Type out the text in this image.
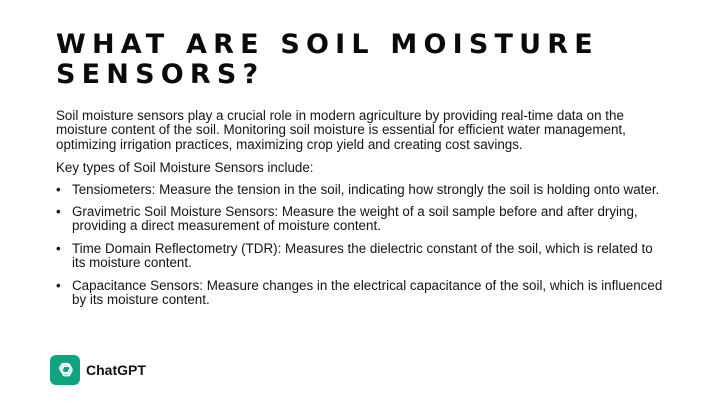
WHAT ARE SOIL MOISTURE SENSORS?

Soil moisture sensors play a crucial role in modern agriculture by providing real-time data on the moisture content of the soil. Monitoring soil moisture is essential for efficient water management, optimizing irrigation practices, maximizing crop yield and creating cost savings.

Key types of Soil Moisture Sensors include:

• Tensiometers: Measure the tension in the soil, indicating how strongly the soil is holding onto water.
• Gravimetric Soil Moisture Sensors: Measure the weight of a soil sample before and after drying, providing a direct measurement of moisture content.
• Time Domain Reflectometry (TDR): Measures the dielectric constant of the soil, which is related to its moisture content.
• Capacitance Sensors: Measure changes in the electrical capacitance of the soil, which is influenced by its moisture content.
ChatGPT
